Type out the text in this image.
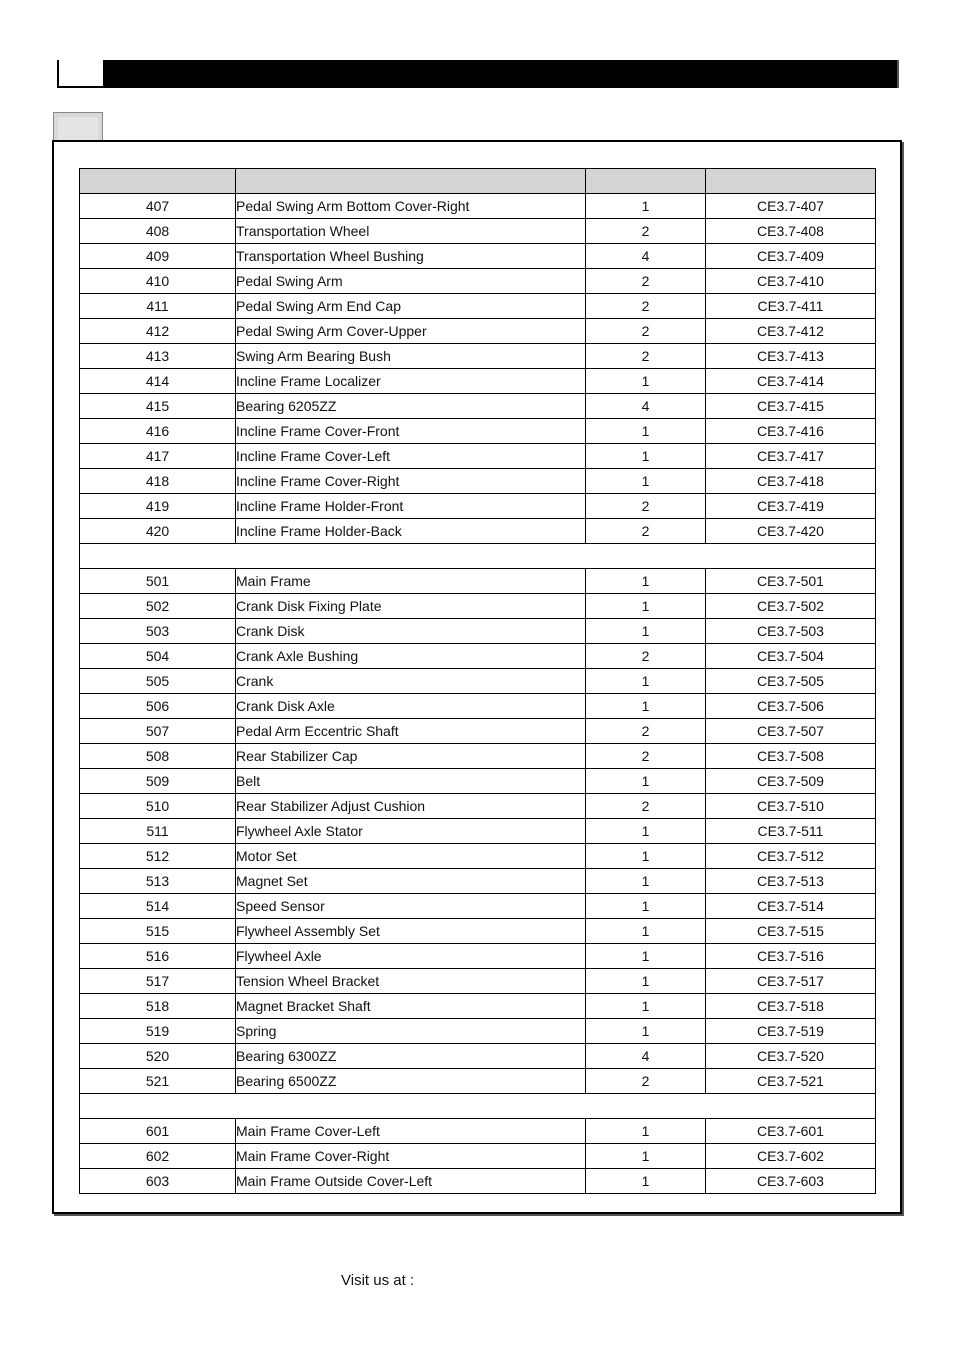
407	Pedal Swing Arm Bottom Cover-Right	1	CE3.7-407
408	Transportation Wheel	2	CE3.7-408
409	Transportation Wheel Bushing	4	CE3.7-409
410	Pedal Swing Arm	2	CE3.7-410
411	Pedal Swing Arm End Cap	2	CE3.7-411
412	Pedal Swing Arm Cover-Upper	2	CE3.7-412
413	Swing Arm Bearing Bush	2	CE3.7-413
414	Incline Frame Localizer	1	CE3.7-414
415	Bearing 6205ZZ	4	CE3.7-415
416	Incline Frame Cover-Front	1	CE3.7-416
417	Incline Frame Cover-Left	1	CE3.7-417
418	Incline Frame Cover-Right	1	CE3.7-418
419	Incline Frame Holder-Front	2	CE3.7-419
420	Incline Frame Holder-Back	2	CE3.7-420

501	Main Frame	1	CE3.7-501
502	Crank Disk Fixing Plate	1	CE3.7-502
503	Crank Disk	1	CE3.7-503
504	Crank Axle Bushing	2	CE3.7-504
505	Crank	1	CE3.7-505
506	Crank Disk Axle	1	CE3.7-506
507	Pedal Arm Eccentric Shaft	2	CE3.7-507
508	Rear Stabilizer Cap	2	CE3.7-508
509	Belt	1	CE3.7-509
510	Rear Stabilizer Adjust Cushion	2	CE3.7-510
511	Flywheel Axle Stator	1	CE3.7-511
512	Motor Set	1	CE3.7-512
513	Magnet Set	1	CE3.7-513
514	Speed Sensor	1	CE3.7-514
515	Flywheel Assembly Set	1	CE3.7-515
516	Flywheel Axle	1	CE3.7-516
517	Tension Wheel Bracket	1	CE3.7-517
518	Magnet Bracket Shaft	1	CE3.7-518
519	Spring	1	CE3.7-519
520	Bearing 6300ZZ	4	CE3.7-520
521	Bearing 6500ZZ	2	CE3.7-521

601	Main Frame Cover-Left	1	CE3.7-601
602	Main Frame Cover-Right	1	CE3.7-602
603	Main Frame Outside Cover-Left	1	CE3.7-603
Visit us at :
